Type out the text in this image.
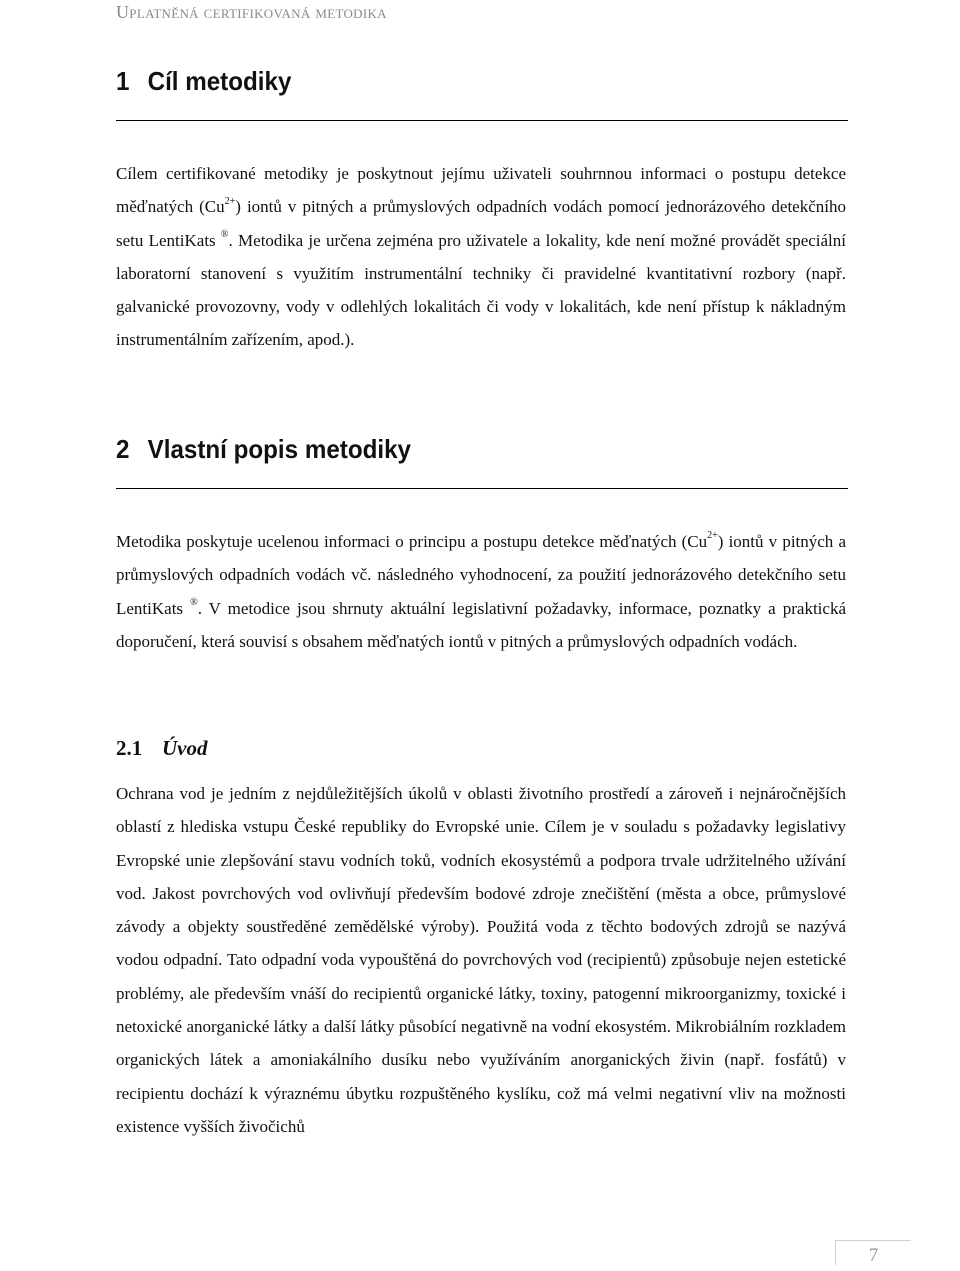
Uplatněná certifikovaná metodika
1 Cíl metodiky

Cílem certifikované metodiky je poskytnout jejímu uživateli souhrnnou informaci o postupu detekce měďnatých $(Cu^{2+})$ iontů v pitných a průmyslových odpadních vodách pomocí jednorázového detekčního setu LentiKats ®. Metodika je určena zejména pro uživatele a lokality, kde není možné provádět speciální laboratorní stanovení s využitím instrumentální techniky či pravidelné kvantitativní rozbory (např. galvanické provozovny, vody v odlehlých lokalitách či vody v lokalitách, kde není přístup k nákladným instrumentálním zařízením, apod.).

2 Vlastní popis metodiky

Metodika poskytuje ucelenou informaci o principu a postupu detekce měďnatých $(Cu^{2+})$ iontů v pitných a průmyslových odpadních vodách vč. následného vyhodnocení, za použití jednorázového detekčního setu LentiKats ®. V metodice jsou shrnuty aktuální legislativní požadavky, informace, poznatky a praktická doporučení, která souvisí s obsahem měďnatých iontů v pitných a průmyslových odpadních vodách.

2.1 Úvod

Ochrana vod je jedním z nejdůležitějších úkolů v oblasti životního prostředí a zároveň i nejnáročnějších oblastí z hlediska vstupu České republiky do Evropské unie. Cílem je v souladu s požadavky legislativy Evropské unie zlepšování stavu vodních toků, vodních ekosystémů a podpora trvale udržitelného užívání vod. Jakost povrchových vod ovlivňují především bodové zdroje znečištění (města a obce, průmyslové závody a objekty soustředěné zemědělské výroby). Použitá voda z těchto bodových zdrojů se nazývá vodou odpadní. Tato odpadní voda vypouštěná do povrchových vod (recipientů) způsobuje nejen estetické problémy, ale především vnáší do recipientů organické látky, toxiny, patogenní mikroorganizmy, toxické i netoxické anorganické látky a další látky působící negativně na vodní ekosystém. Mikrobiálním rozkladem organických látek a amoniakálního dusíku nebo využíváním anorganických živin (např. fosfátů) v recipientu dochází k výraznému úbytku rozpuštěného kyslíku, což má velmi negativní vliv na možnosti existence vyšších živočichů

7
